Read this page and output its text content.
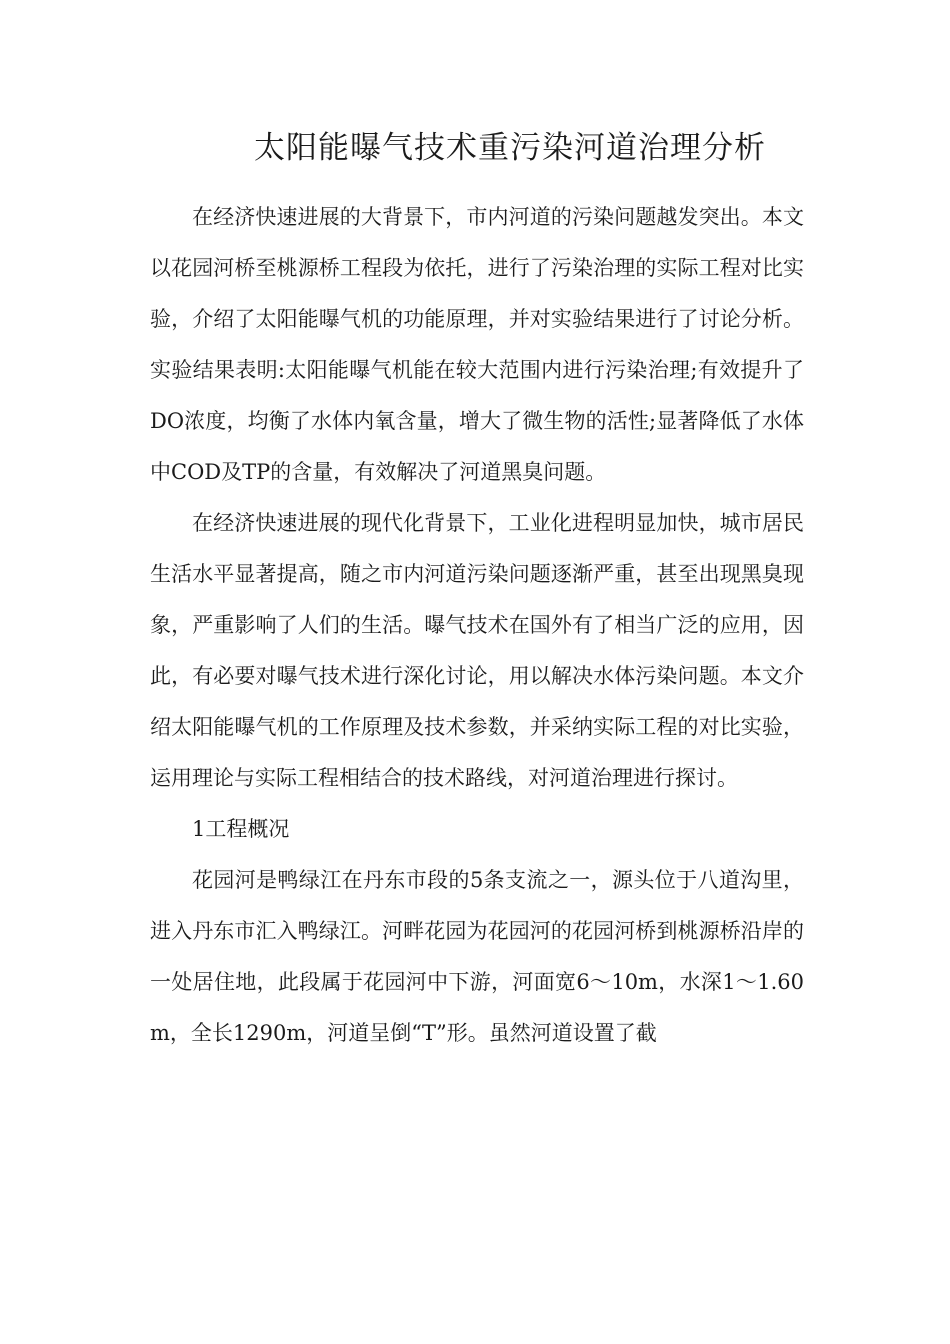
太阳能曝气技术重污染河道治理分析

在经济快速进展的大背景下，市内河道的污染问题越发突出。本文以花园河桥至桃源桥工程段为依托，进行了污染治理的实际工程对比实验，介绍了太阳能曝气机的功能原理，并对实验结果进行了讨论分析。实验结果表明:太阳能曝气机能在较大范围内进行污染治理;有效提升了DO浓度，均衡了水体内氧含量，增大了微生物的活性;显著降低了水体中COD及TP的含量，有效解决了河道黑臭问题。

在经济快速进展的现代化背景下，工业化进程明显加快，城市居民生活水平显著提高，随之市内河道污染问题逐渐严重，甚至出现黑臭现象，严重影响了人们的生活。曝气技术在国外有了相当广泛的应用，因此，有必要对曝气技术进行深化讨论，用以解决水体污染问题。本文介绍太阳能曝气机的工作原理及技术参数，并采纳实际工程的对比实验，运用理论与实际工程相结合的技术路线，对河道治理进行探讨。

1工程概况

花园河是鸭绿江在丹东市段的5条支流之一，源头位于八道沟里，进入丹东市汇入鸭绿江。河畔花园为花园河的花园河桥到桃源桥沿岸的一处居住地，此段属于花园河中下游，河面宽6～10m，水深1～1.60m，全长1290m，河道呈倒“T”形。虽然河道设置了截
